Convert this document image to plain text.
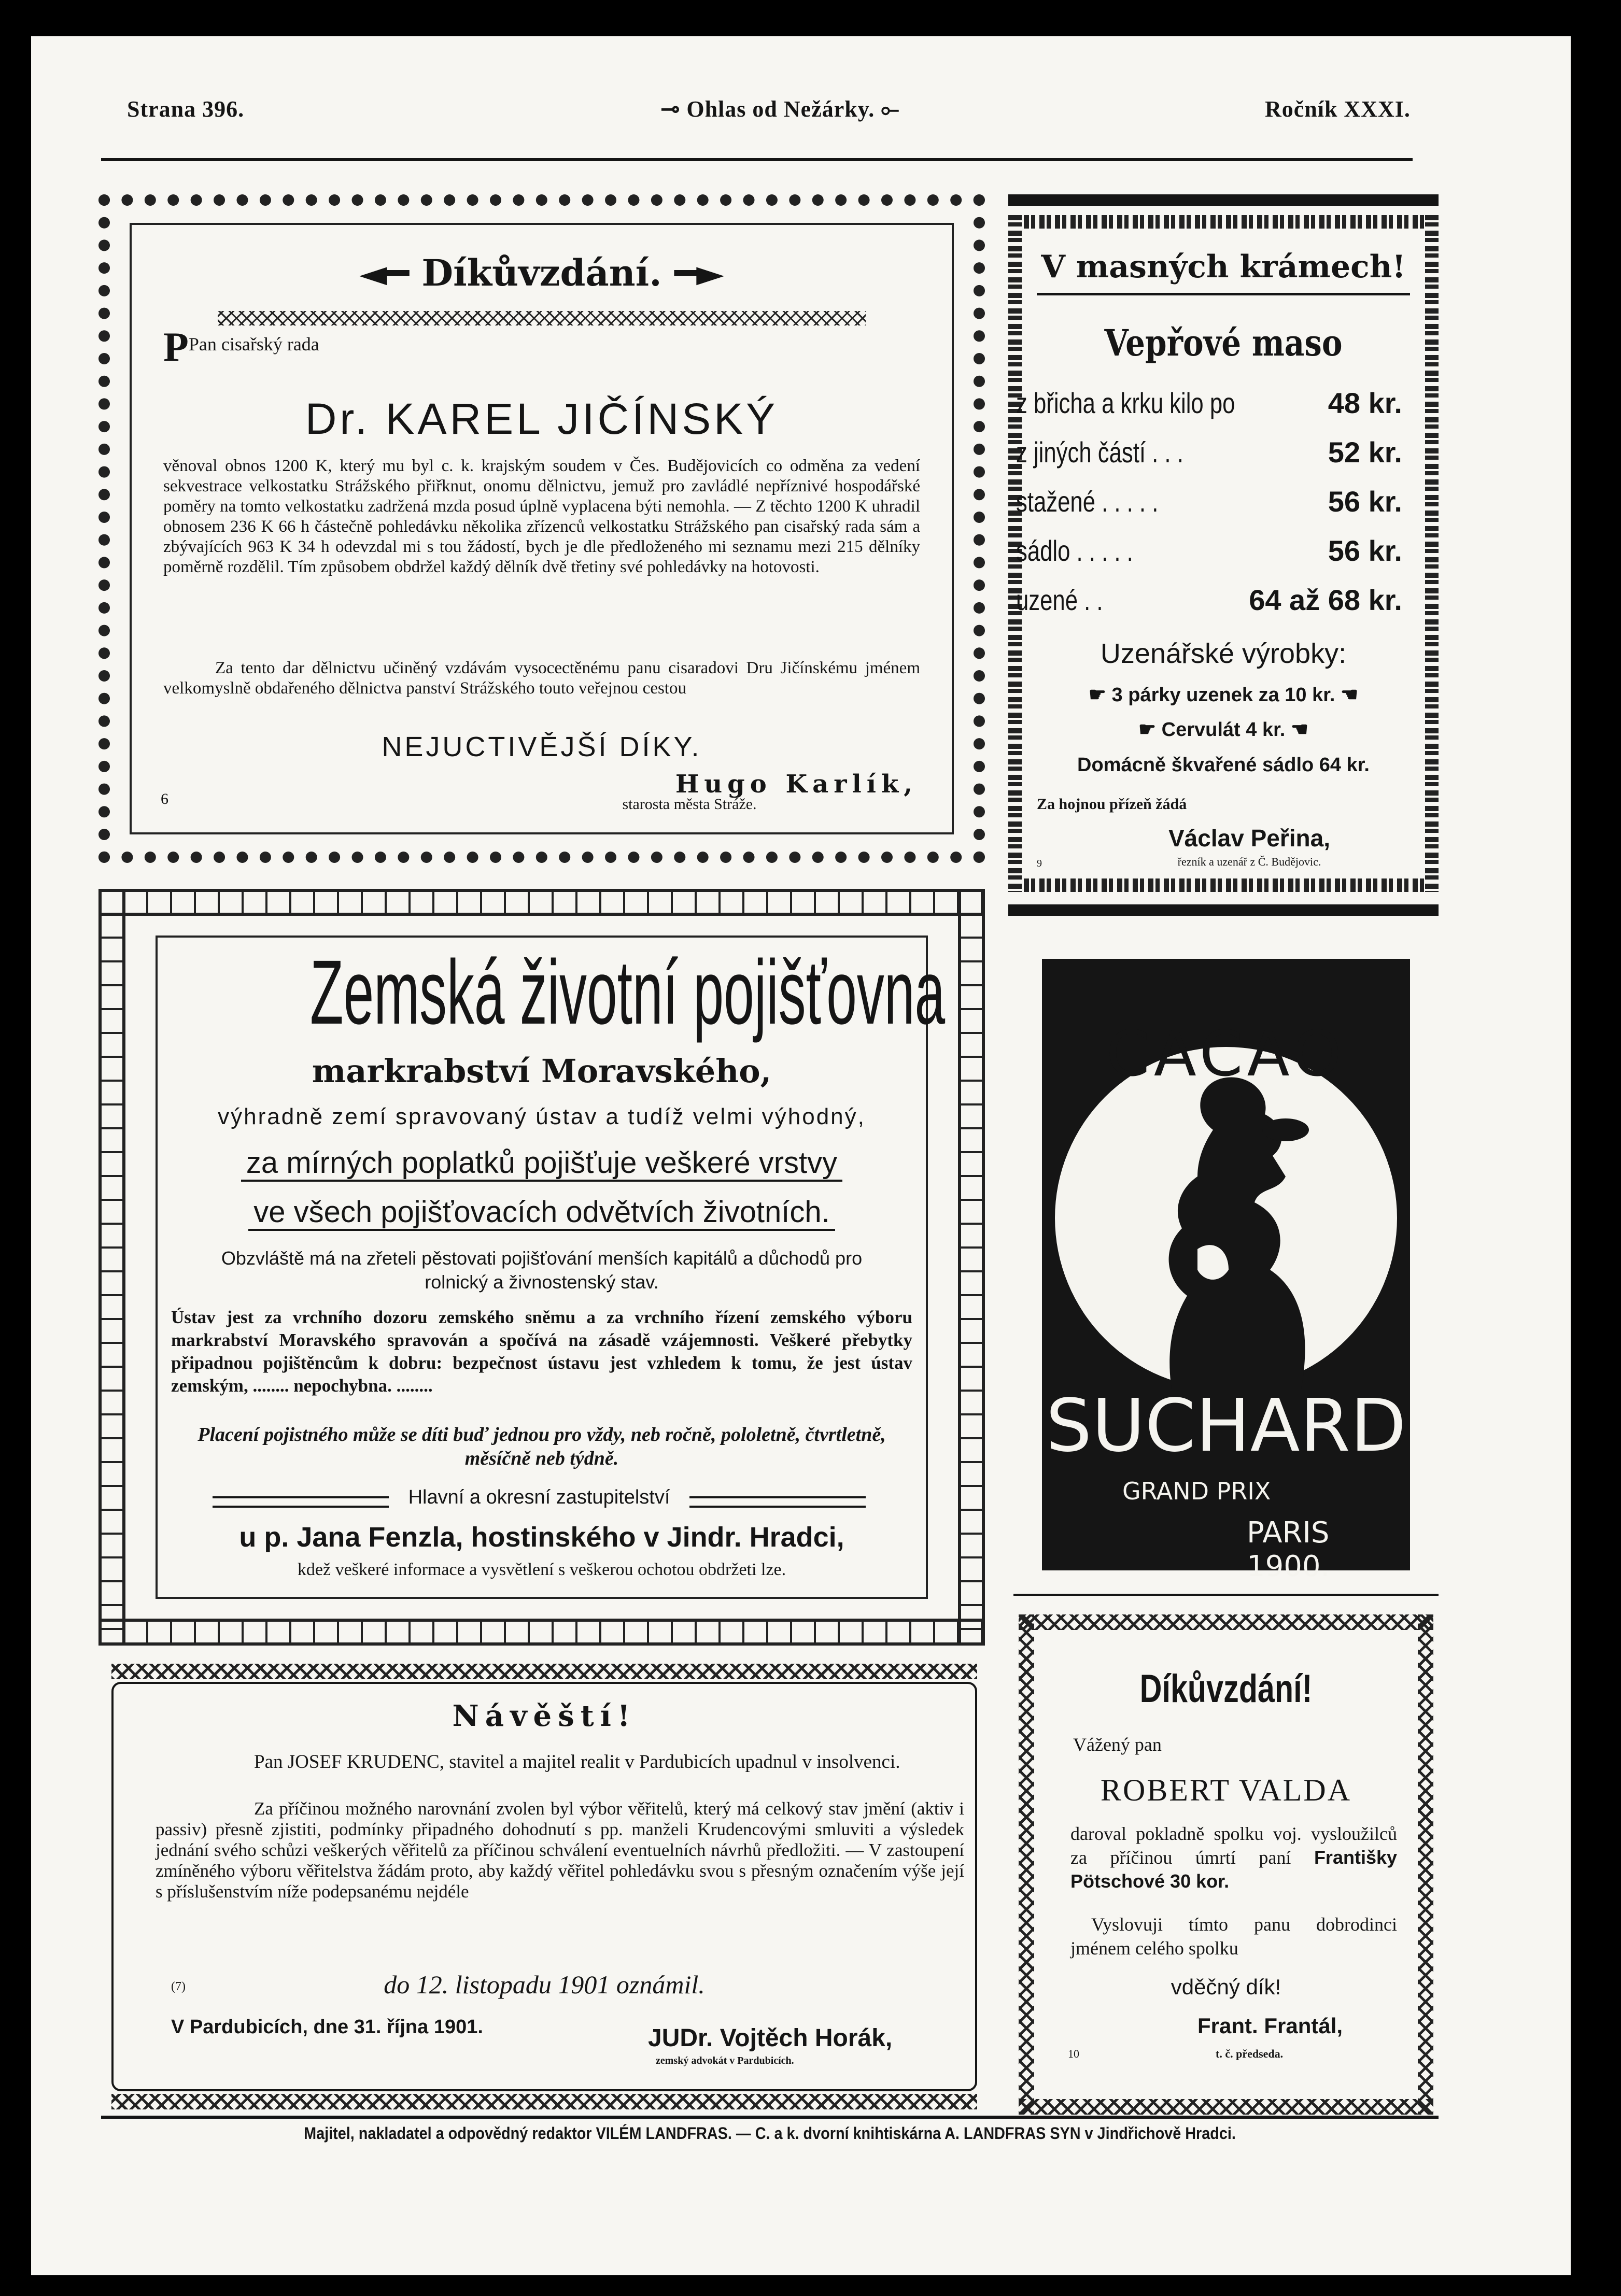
Strana 396.	⊸ Ohlas od Nežárky. ⟜	Ročník XXXI.
◄━ Díkůvzdání. ━►
PPan cisařský rada
Dr. KAREL JIČÍNSKÝ
věnoval obnos 1200 K, který mu byl c. k. krajským soudem v Čes. Budějovicích co odměna za vedení sekvestrace velkostatku Strážského přiřknut, onomu dělnictvu, jemuž pro zavládlé nepříznivé hospodářské poměry na tomto velkostatku zadržená mzda posud úplně vyplacena býti nemohla. — Z těchto 1200 K uhradil obnosem 236 K 66 h částečně pohledávku několika zřízenců velkostatku Strážského pan cisařský rada sám a zbývajících 963 K 34 h odevzdal mi s tou žádostí, bych je dle předloženého mi seznamu mezi 215 dělníky poměrně rozdělil. Tím způsobem obdržel každý dělník dvě třetiny své pohledávky na hotovosti.
Za tento dar dělnictvu učiněný vzdávám vysocectěnému panu cisaradovi Dru Jičínskému jménem velkomyslně obdařeného dělnictva panství Strážského touto veřejnou cestou
NEJUCTIVĚJŠÍ DÍKY.
6
Hugo Karlík,
starosta města Stráže.
V masných krámech!
Vepřové maso
z břicha a krku kilo po	48 kr.
z jiných částí . . .	52 kr.
stažené . . . . .	56 kr.
sádlo . . . . .	56 kr.
uzené . .	64 až 68 kr.
Uzenářské výrobky:
☛ 3 párky uzenek za 10 kr. ☚
☛ Cervulát 4 kr. ☚
Domácně škvařené sádlo 64 kr.
Za hojnou přízeň žádá
Václav Peřina,
řezník a uzenář z Č. Budějovic.
9
Zemská životní pojišťovna
markrabství Moravského,
výhradně zemí spravovaný ústav a tudíž velmi výhodný,
za mírných poplatků pojišťuje veškeré vrstvy
ve všech pojišťovacích odvětvích životních.
Obzvláště má na zřeteli pěstovati pojišťování menších kapitálů a důchodů pro rolnický a živnostenský stav.
Ústav jest za vrchního dozoru zemského sněmu a za vrchního řízení zemského výboru markrabství Moravského spravován a spočívá na zásadě vzájemnosti. Veškeré přebytky připadnou pojištěncům k dobru: bezpečnost ústavu jest vzhledem k tomu, že jest ústav zemským, ........ nepochybna. ........
Placení pojistného může se díti buď jednou pro vždy, neb ročně, pololetně, čtvrtletně, měsíčně neb týdně.
Hlavní a okresní zastupitelství
u p. Jana Fenzla, hostinského v Jindr. Hradci,
kdež veškeré informace a vysvětlení s veškerou ochotou obdržeti lze.
CACAO
SUCHARD
GRAND PRIX
PARIS 1900.
Návěští!
Pan JOSEF KRUDENC, stavitel a majitel realit v Pardubicích upadnul v insolvenci.
Za příčinou možného narovnání zvolen byl výbor věřitelů, který má celkový stav jmění (aktiv i passiv) přesně zjistiti, podmínky připadného dohodnutí s pp. manželi Krudencovými smluviti a výsledek jednání svého schůzi veškerých věřitelů za příčinou schválení eventuelních návrhů předložiti. — V zastoupení zmíněného výboru věřitelstva žádám proto, aby každý věřitel pohledávku svou s přesným označením výše její s příslušenstvím níže podepsanému nejdéle
(7)	do 12. listopadu 1901 oznámil.
V Pardubicích, dne 31. října 1901.	JUDr. Vojtěch Horák,
zemský advokát v Pardubicích.
Díkůvzdání!
Vážený pan
ROBERT VALDA
daroval pokladně spolku voj. vysloužilců za příčinou úmrtí paní Františky Pötschové 30 kor.
Vyslovuji tímto panu dobrodinci jménem celého spolku
vděčný dík!
Frant. Frantál,
10	t. č. předseda.
Majitel, nakladatel a odpovědný redaktor VILÉM LANDFRAS. — C. a k. dvorní knihtiskárna A. LANDFRAS SYN v Jindřichově Hradci.
